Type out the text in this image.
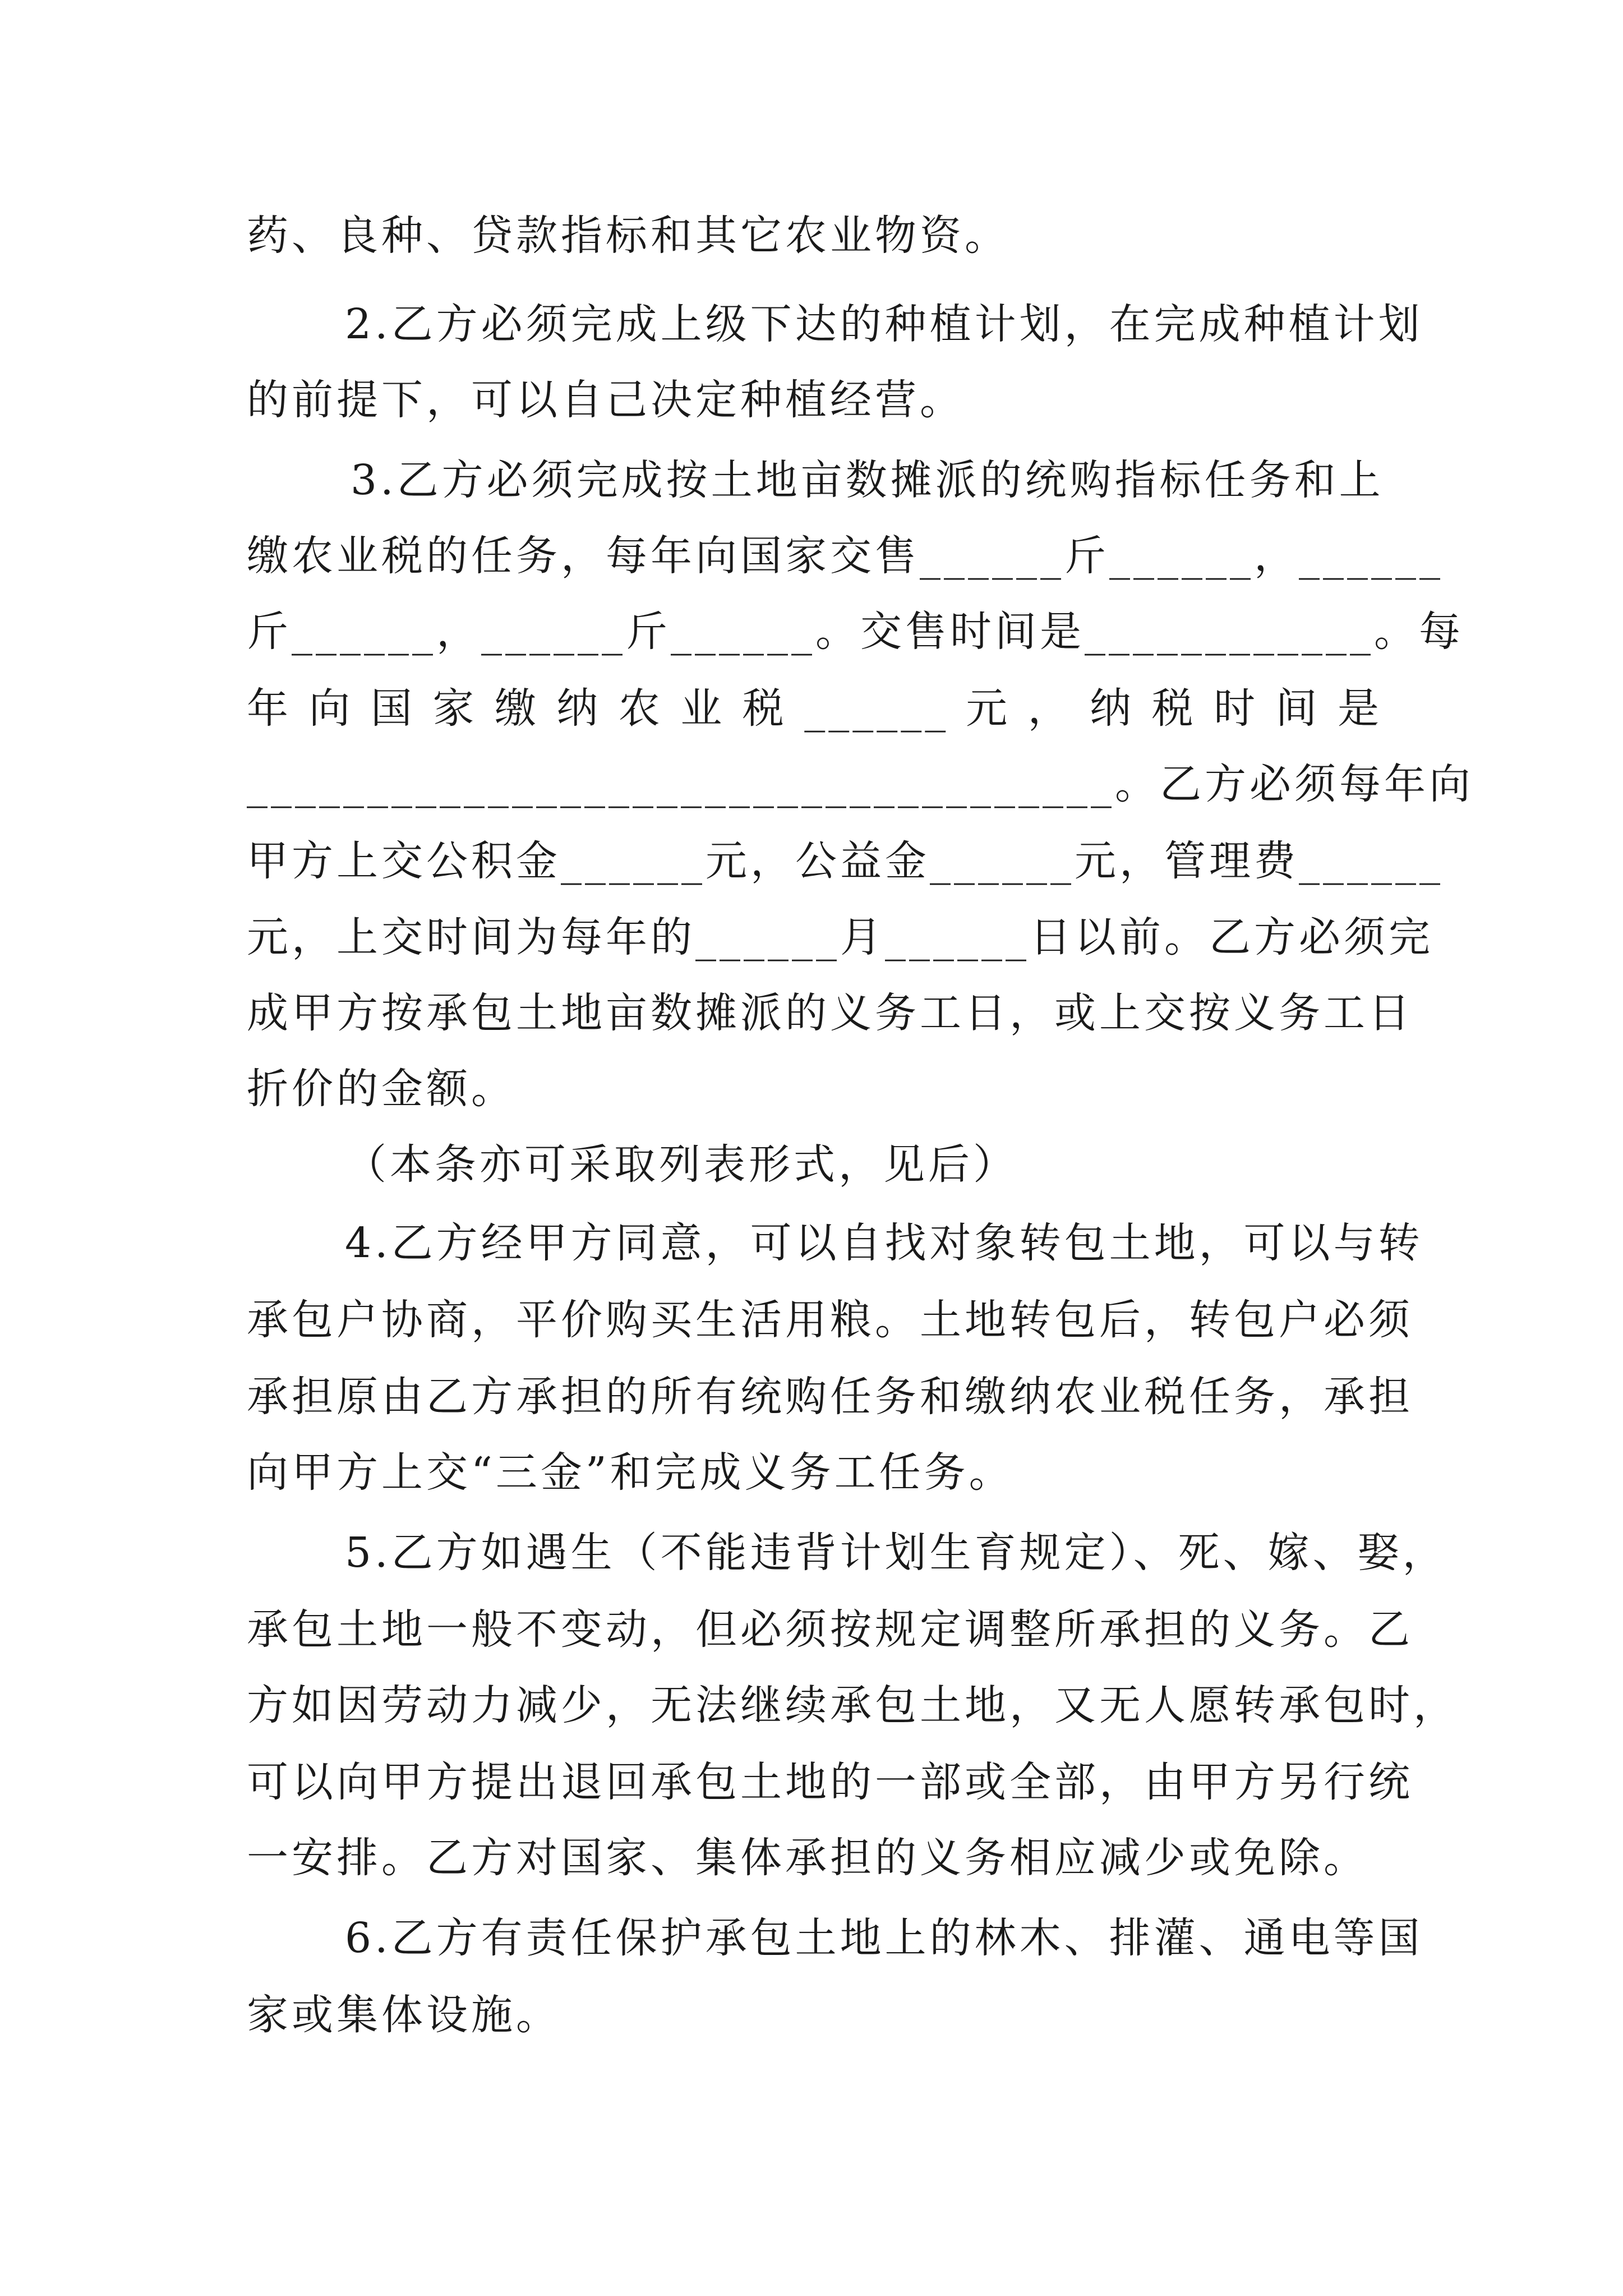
药、良种、贷款指标和其它农业物资。
2.乙方必须完成上级下达的种植计划，在完成种植计划
的前提下，可以自己决定种植经营。
3.乙方必须完成按土地亩数摊派的统购指标任务和上
缴农业税的任务，每年向国家交售______斤______，______
斤______，______斤______。交售时间是____________。每
年 向 国 家 缴 纳 农 业 税 ______ 元 ， 纳 税 时 间 是
____________________________________。乙方必须每年向
甲方上交公积金______元，公益金______元，管理费______
元，上交时间为每年的______月______日以前。乙方必须完
成甲方按承包土地亩数摊派的义务工日，或上交按义务工日
折价的金额。
（本条亦可采取列表形式，见后）
4.乙方经甲方同意，可以自找对象转包土地，可以与转
承包户协商，平价购买生活用粮。土地转包后，转包户必须
承担原由乙方承担的所有统购任务和缴纳农业税任务，承担
向甲方上交“三金”和完成义务工任务。
5.乙方如遇生（不能违背计划生育规定）、死、嫁、娶，
承包土地一般不变动，但必须按规定调整所承担的义务。乙
方如因劳动力减少，无法继续承包土地，又无人愿转承包时，
可以向甲方提出退回承包土地的一部或全部，由甲方另行统
一安排。乙方对国家、集体承担的义务相应减少或免除。
6.乙方有责任保护承包土地上的林木、排灌、通电等国
家或集体设施。
